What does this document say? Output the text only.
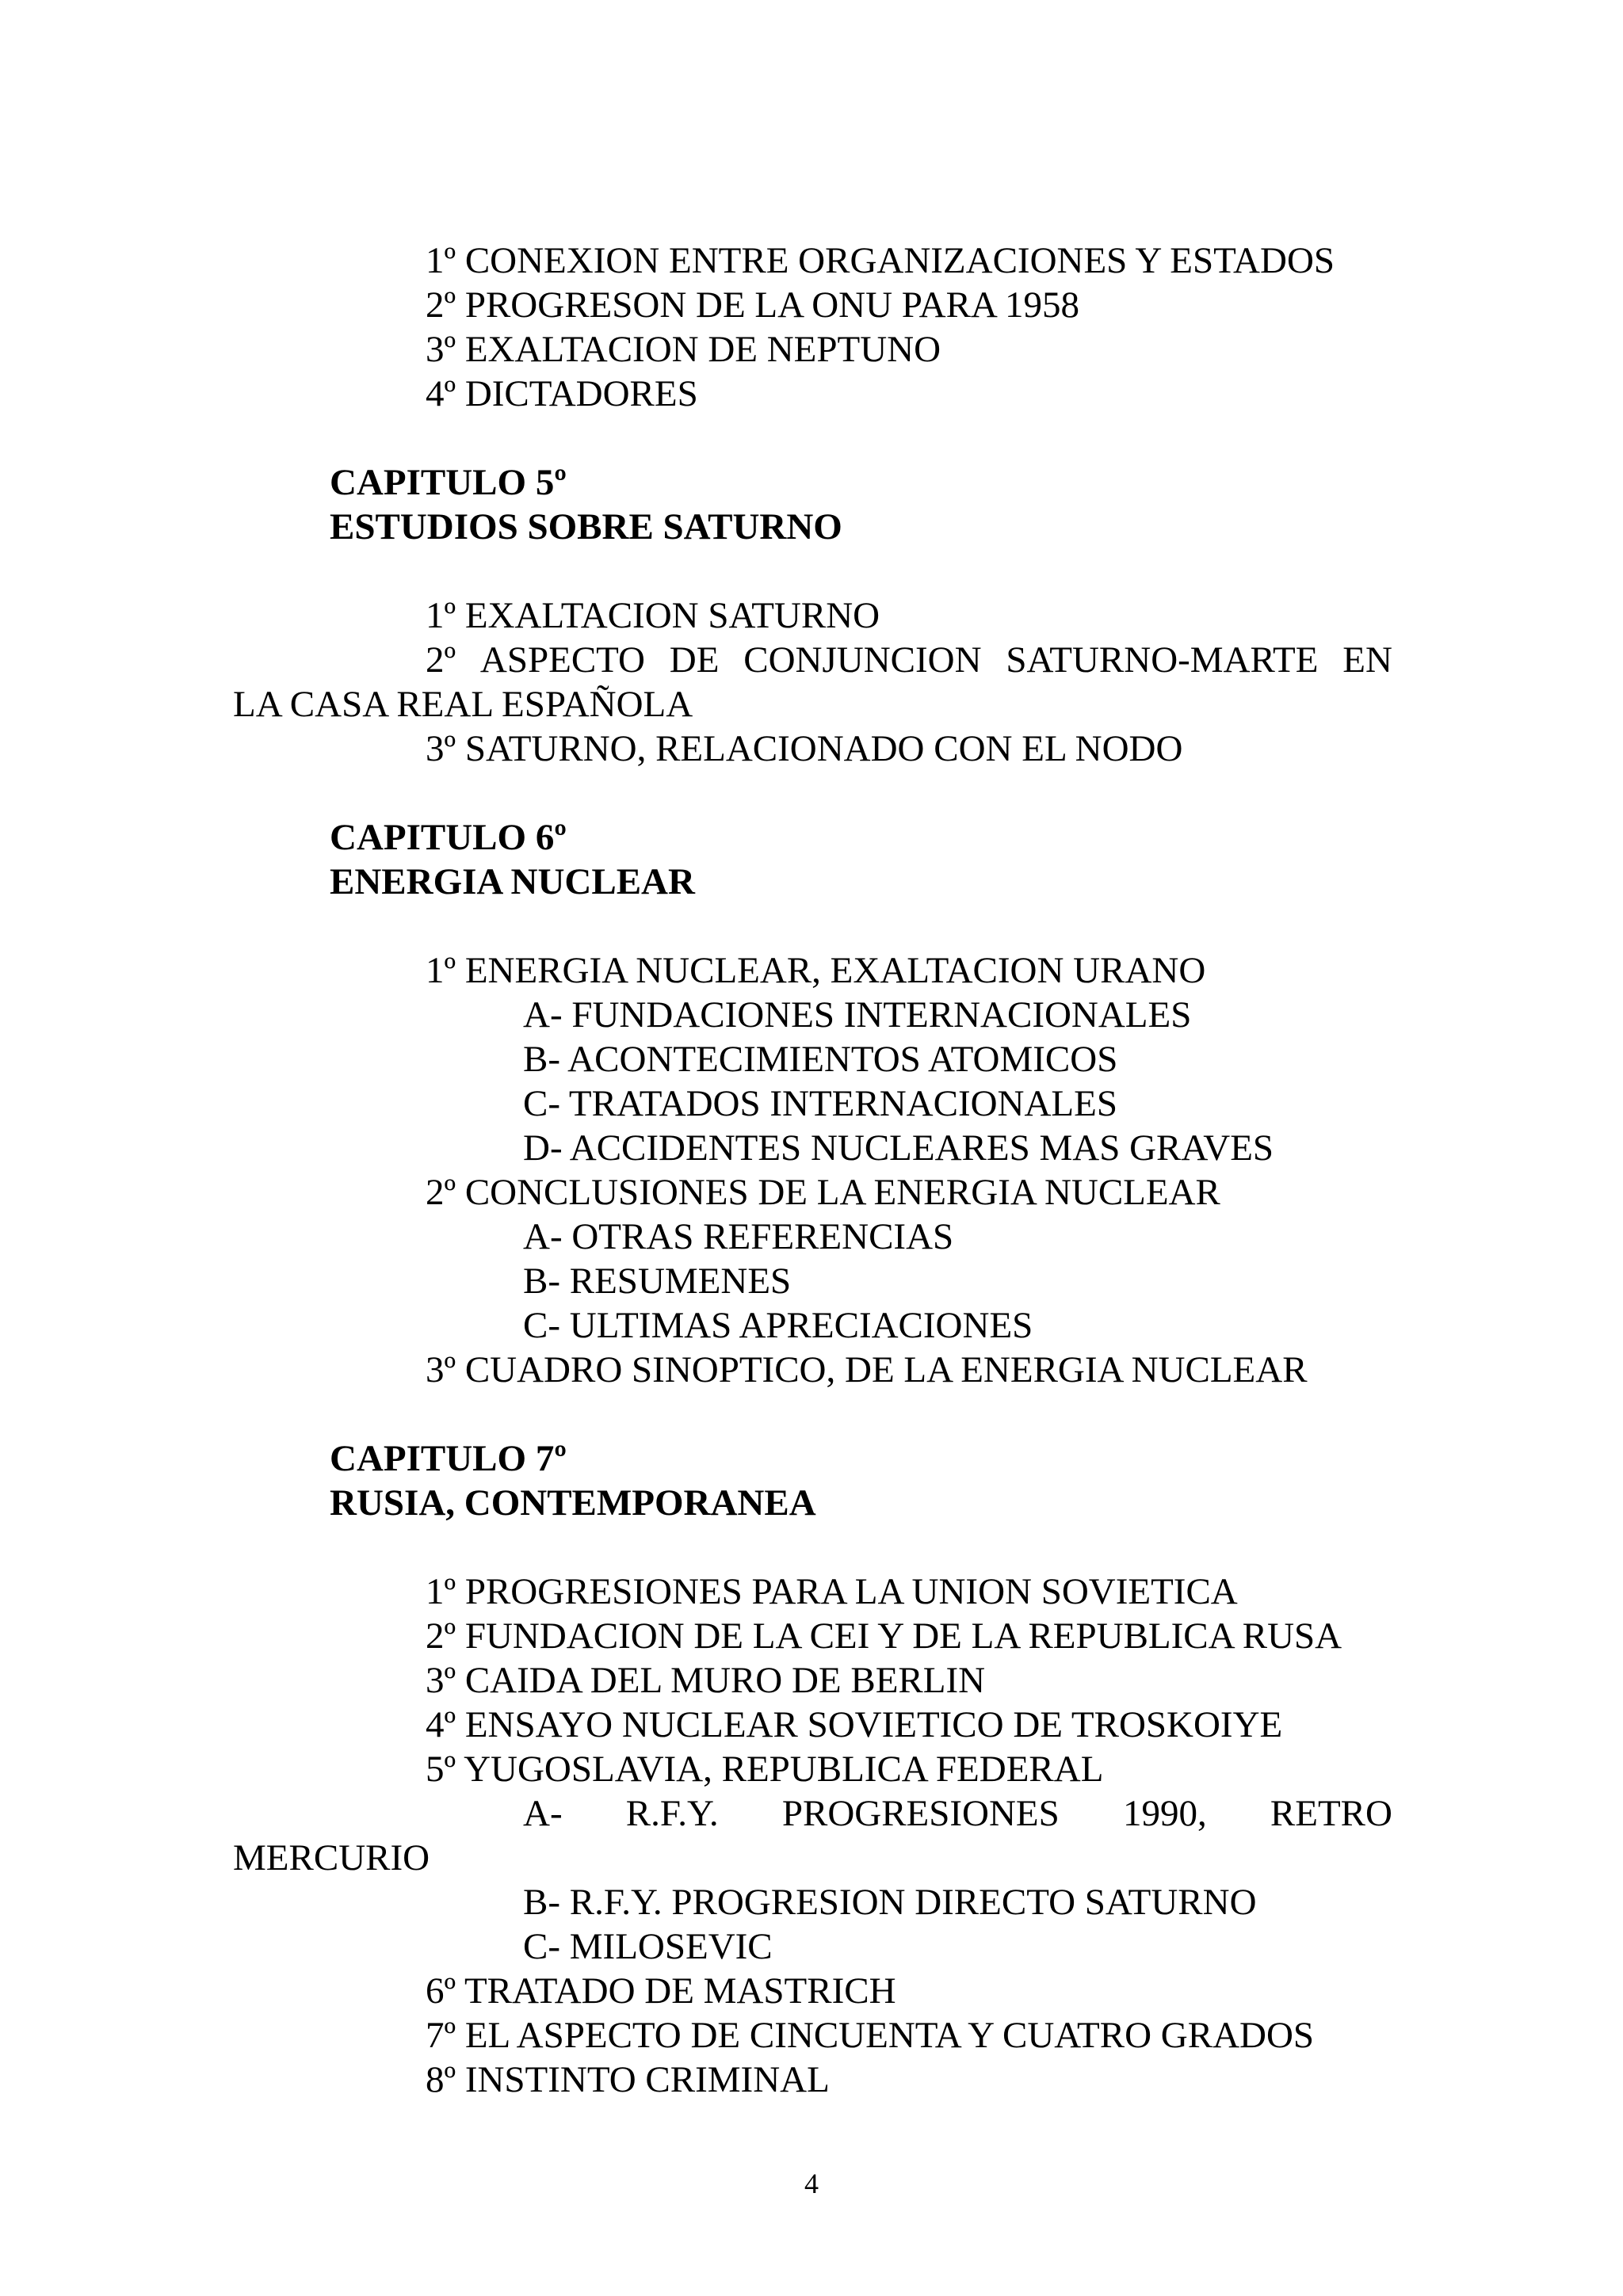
1º CONEXION ENTRE ORGANIZACIONES Y ESTADOS
2º PROGRESON DE LA ONU PARA 1958
3º EXALTACION DE NEPTUNO
4º DICTADORES
CAPITULO 5º
ESTUDIOS SOBRE SATURNO
1º EXALTACION SATURNO
2º ASPECTO DE CONJUNCION SATURNO-MARTE EN
LA CASA REAL ESPAÑOLA
3º SATURNO, RELACIONADO CON EL NODO
CAPITULO 6º
ENERGIA NUCLEAR
1º ENERGIA NUCLEAR, EXALTACION URANO
A- FUNDACIONES INTERNACIONALES
B- ACONTECIMIENTOS ATOMICOS
C- TRATADOS INTERNACIONALES
D- ACCIDENTES NUCLEARES MAS GRAVES
2º CONCLUSIONES DE LA ENERGIA NUCLEAR
A- OTRAS REFERENCIAS
B- RESUMENES
C- ULTIMAS APRECIACIONES
3º CUADRO SINOPTICO, DE LA ENERGIA NUCLEAR
CAPITULO 7º
RUSIA, CONTEMPORANEA
1º PROGRESIONES PARA LA UNION SOVIETICA
2º FUNDACION DE LA CEI Y DE LA REPUBLICA RUSA
3º CAIDA DEL MURO DE BERLIN
4º ENSAYO NUCLEAR SOVIETICO DE TROSKOIYE
5º YUGOSLAVIA, REPUBLICA FEDERAL
A- R.F.Y. PROGRESIONES 1990, RETRO
MERCURIO
B- R.F.Y. PROGRESION DIRECTO SATURNO
C- MILOSEVIC
6º TRATADO DE MASTRICH
7º EL ASPECTO DE CINCUENTA Y CUATRO GRADOS
8º INSTINTO CRIMINAL
4
